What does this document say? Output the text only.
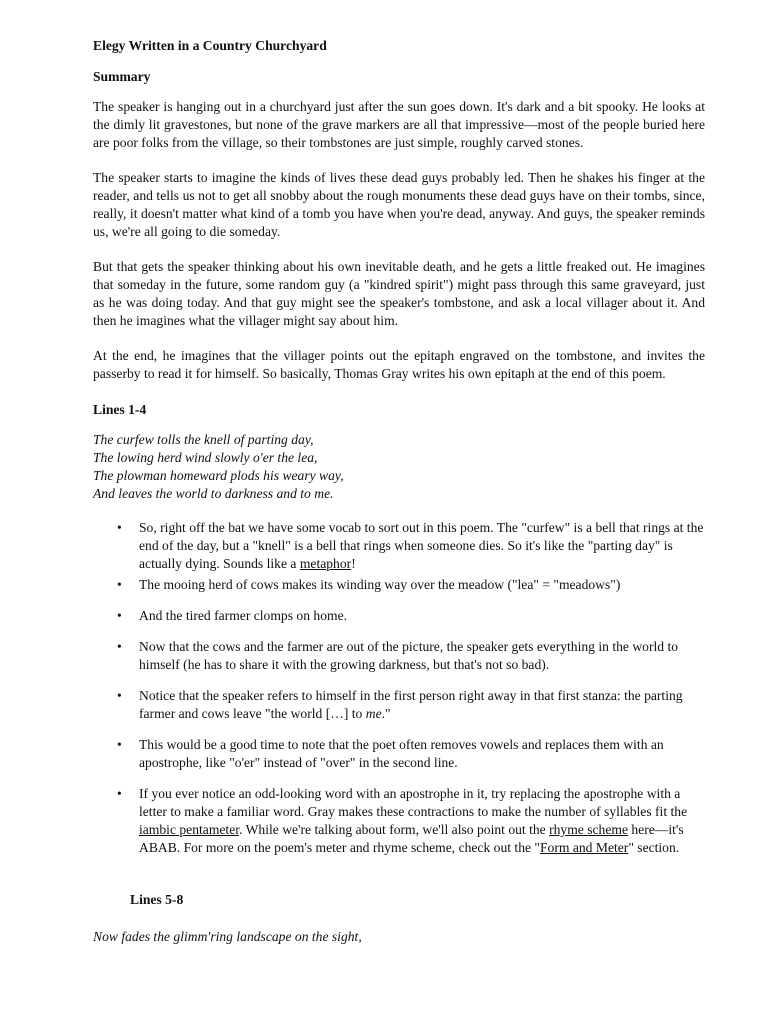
Elegy Written in a Country Churchyard
Summary

The speaker is hanging out in a churchyard just after the sun goes down. It's dark and a bit spooky. He looks at the dimly lit gravestones, but none of the grave markers are all that impressive—most of the people buried here are poor folks from the village, so their tombstones are just simple, roughly carved stones.

The speaker starts to imagine the kinds of lives these dead guys probably led. Then he shakes his finger at the reader, and tells us not to get all snobby about the rough monuments these dead guys have on their tombs, since, really, it doesn't matter what kind of a tomb you have when you're dead, anyway. And guys, the speaker reminds us, we're all going to die someday.

But that gets the speaker thinking about his own inevitable death, and he gets a little freaked out. He imagines that someday in the future, some random guy (a "kindred spirit") might pass through this same graveyard, just as he was doing today. And that guy might see the speaker's tombstone, and ask a local villager about it. And then he imagines what the villager might say about him.

At the end, he imagines that the villager points out the epitaph engraved on the tombstone, and invites the passerby to read it for himself. So basically, Thomas Gray writes his own epitaph at the end of this poem.

Lines 1-4
The curfew tolls the knell of parting day,
The lowing herd wind slowly o'er the lea,
The plowman homeward plods his weary way,
And leaves the world to darkness and to me.
• So, right off the bat we have some vocab to sort out in this poem. The "curfew" is a bell that rings at the end of the day, but a "knell" is a bell that rings when someone dies. So it's like the "parting day" is actually dying. Sounds like a metaphor!
• The mooing herd of cows makes its winding way over the meadow ("lea" = "meadows")
• And the tired farmer clomps on home.
• Now that the cows and the farmer are out of the picture, the speaker gets everything in the world to himself (he has to share it with the growing darkness, but that's not so bad).
• Notice that the speaker refers to himself in the first person right away in that first stanza: the parting farmer and cows leave "the world […] to me."
• This would be a good time to note that the poet often removes vowels and replaces them with an apostrophe, like "o'er" instead of "over" in the second line.
• If you ever notice an odd-looking word with an apostrophe in it, try replacing the apostrophe with a letter to make a familiar word. Gray makes these contractions to make the number of syllables fit the iambic pentameter. While we're talking about form, we'll also point out the rhyme scheme here—it's ABAB. For more on the poem's meter and rhyme scheme, check out the "Form and Meter" section.
Lines 5-8
Now fades the glimm'ring landscape on the sight,
